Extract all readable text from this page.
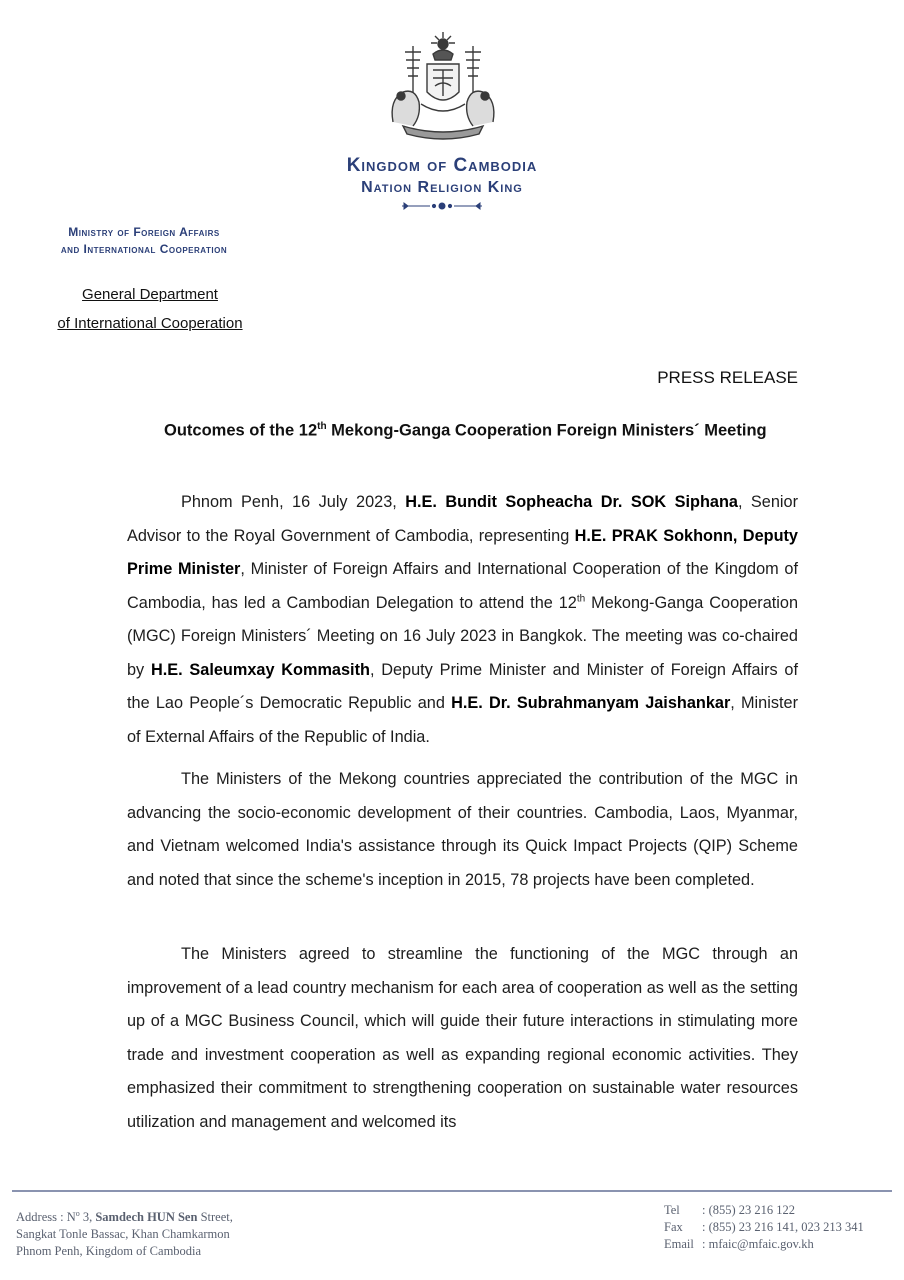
Kingdom of Cambodia
Nation Religion King
Ministry of Foreign Affairs
and International Cooperation
General Department
of International Cooperation
PRESS RELEASE
Outcomes of the 12th Mekong-Ganga Cooperation Foreign Ministers´ Meeting

Phnom Penh, 16 July 2023, H.E. Bundit Sopheacha Dr. SOK Siphana, Senior Advisor to the Royal Government of Cambodia, representing H.E. PRAK Sokhonn, Deputy Prime Minister, Minister of Foreign Affairs and International Cooperation of the Kingdom of Cambodia, has led a Cambodian Delegation to attend the 12th Mekong-Ganga Cooperation (MGC) Foreign Ministers´ Meeting on 16 July 2023 in Bangkok. The meeting was co-chaired by H.E. Saleumxay Kommasith, Deputy Prime Minister and Minister of Foreign Affairs of the Lao People´s Democratic Republic and H.E. Dr. Subrahmanyam Jaishankar, Minister of External Affairs of the Republic of India.

The Ministers of the Mekong countries appreciated the contribution of the MGC in advancing the socio-economic development of their countries. Cambodia, Laos, Myanmar, and Vietnam welcomed India's assistance through its Quick Impact Projects (QIP) Scheme and noted that since the scheme's inception in 2015, 78 projects have been completed.

The Ministers agreed to streamline the functioning of the MGC through an improvement of a lead country mechanism for each area of cooperation as well as the setting up of a MGC Business Council, which will guide their future interactions in stimulating more trade and investment cooperation as well as expanding regional economic activities. They emphasized their commitment to strengthening cooperation on sustainable water resources utilization and management and welcomed its

Address : $N^o$ 3, Samdech HUN Sen Street,
Sangkat Tonle Bassac, Khan Chamkarmon
Phnom Penh, Kingdom of Cambodia
Tel : (855) 23 216 122
Fax : (855) 23 216 141, 023 213 341
Email : mfaic@mfaic.gov.kh
